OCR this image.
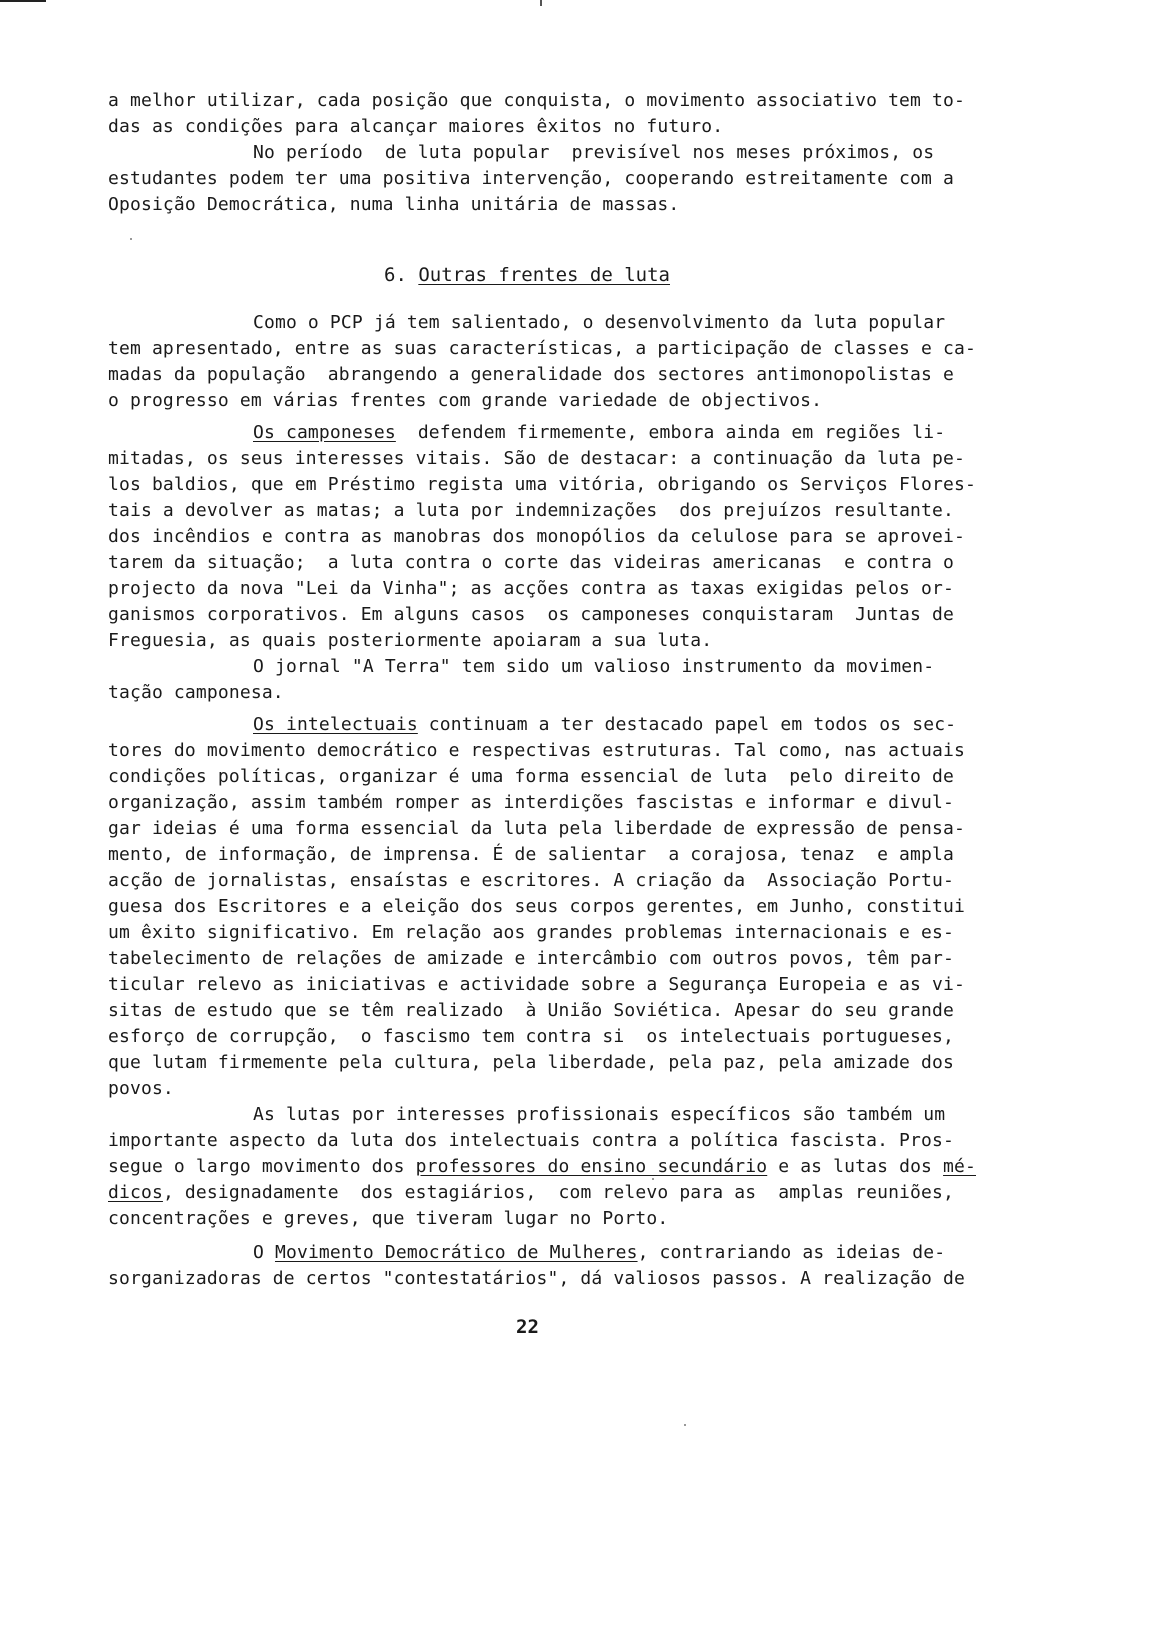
a melhor utilizar, cada posição que conquista, o movimento associativo tem to-
das as condições para alcançar maiores êxitos no futuro.
No período  de luta popular  previsível nos meses próximos, os
estudantes podem ter uma positiva intervenção, cooperando estreitamente com a
Oposição Democrática, numa linha unitária de massas.
6. Outras frentes de luta
Como o PCP já tem salientado, o desenvolvimento da luta popular
tem apresentado, entre as suas características, a participação de classes e ca-
madas da população  abrangendo a generalidade dos sectores antimonopolistas e
o progresso em várias frentes com grande variedade de objectivos.
Os camponeses  defendem firmemente, embora ainda em regiões li-
mitadas, os seus interesses vitais. São de destacar: a continuação da luta pe-
los baldios, que em Préstimo regista uma vitória, obrigando os Serviços Flores-
tais a devolver as matas; a luta por indemnizações  dos prejuízos resultante.
dos incêndios e contra as manobras dos monopólios da celulose para se aprovei-
tarem da situação;  a luta contra o corte das videiras americanas  e contra o
projecto da nova "Lei da Vinha"; as acções contra as taxas exigidas pelos or-
ganismos corporativos. Em alguns casos  os camponeses conquistaram  Juntas de
Freguesia, as quais posteriormente apoiaram a sua luta.
O jornal "A Terra" tem sido um valioso instrumento da movimen-
tação camponesa.
Os intelectuais continuam a ter destacado papel em todos os sec-
tores do movimento democrático e respectivas estruturas. Tal como, nas actuais
condições políticas, organizar é uma forma essencial de luta  pelo direito de
organização, assim também romper as interdições fascistas e informar e divul-
gar ideias é uma forma essencial da luta pela liberdade de expressão de pensa-
mento, de informação, de imprensa. É de salientar  a corajosa, tenaz  e ampla
acção de jornalistas, ensaístas e escritores. A criação da  Associação Portu-
guesa dos Escritores e a eleição dos seus corpos gerentes, em Junho, constitui
um êxito significativo. Em relação aos grandes problemas internacionais e es-
tabelecimento de relações de amizade e intercâmbio com outros povos, têm par-
ticular relevo as iniciativas e actividade sobre a Segurança Europeia e as vi-
sitas de estudo que se têm realizado  à União Soviética. Apesar do seu grande
esforço de corrupção,  o fascismo tem contra si  os intelectuais portugueses,
que lutam firmemente pela cultura, pela liberdade, pela paz, pela amizade dos
povos.
As lutas por interesses profissionais específicos são também um
importante aspecto da luta dos intelectuais contra a política fascista. Pros-
segue o largo movimento dos professores do ensino secundário e as lutas dos mé-
dicos, designadamente  dos estagiários,  com relevo para as  amplas reuniões,
concentrações e greves, que tiveram lugar no Porto.
O Movimento Democrático de Mulheres, contrariando as ideias de-
sorganizadoras de certos "contestatários", dá valiosos passos. A realização de
22
